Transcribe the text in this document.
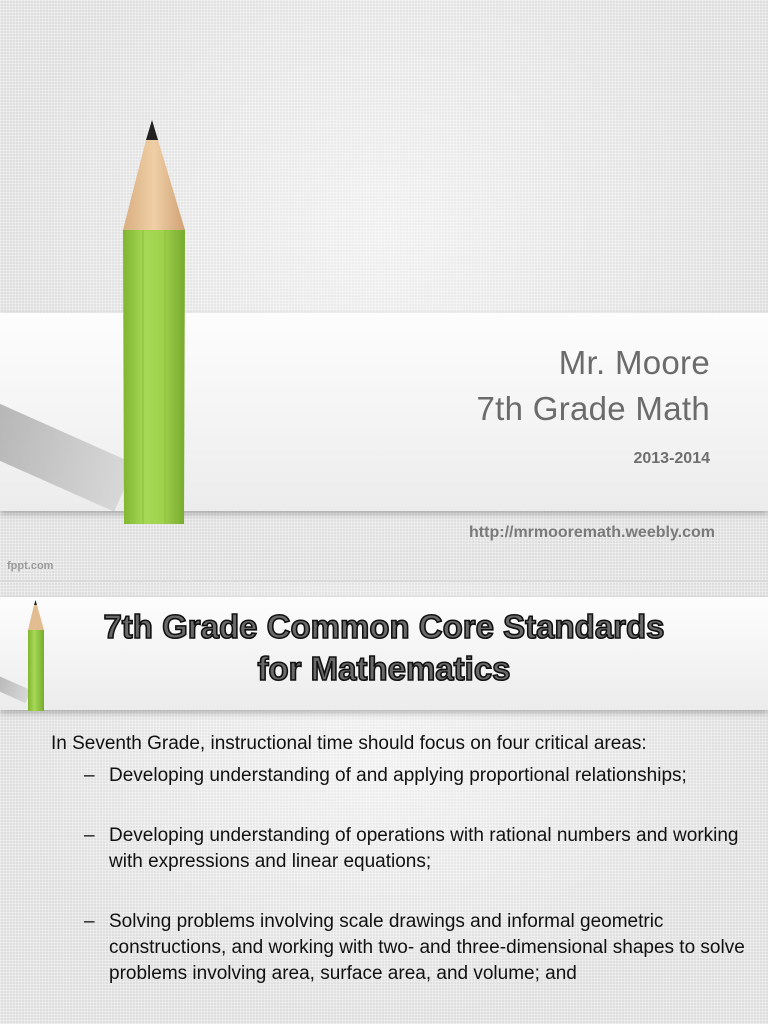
Mr. Moore
7th Grade Math
2013-2014
http://mrmooremath.weebly.com
fppt.com
7th Grade Common Core Standards
for Mathematics

In Seventh Grade, instructional time should focus on four critical areas:

– Developing understanding of and applying proportional relationships;
– Developing understanding of operations with rational numbers and working with expressions and linear equations;
– Solving problems involving scale drawings and informal geometric constructions, and working with two- and three-dimensional shapes to solve problems involving area, surface area, and volume; and
